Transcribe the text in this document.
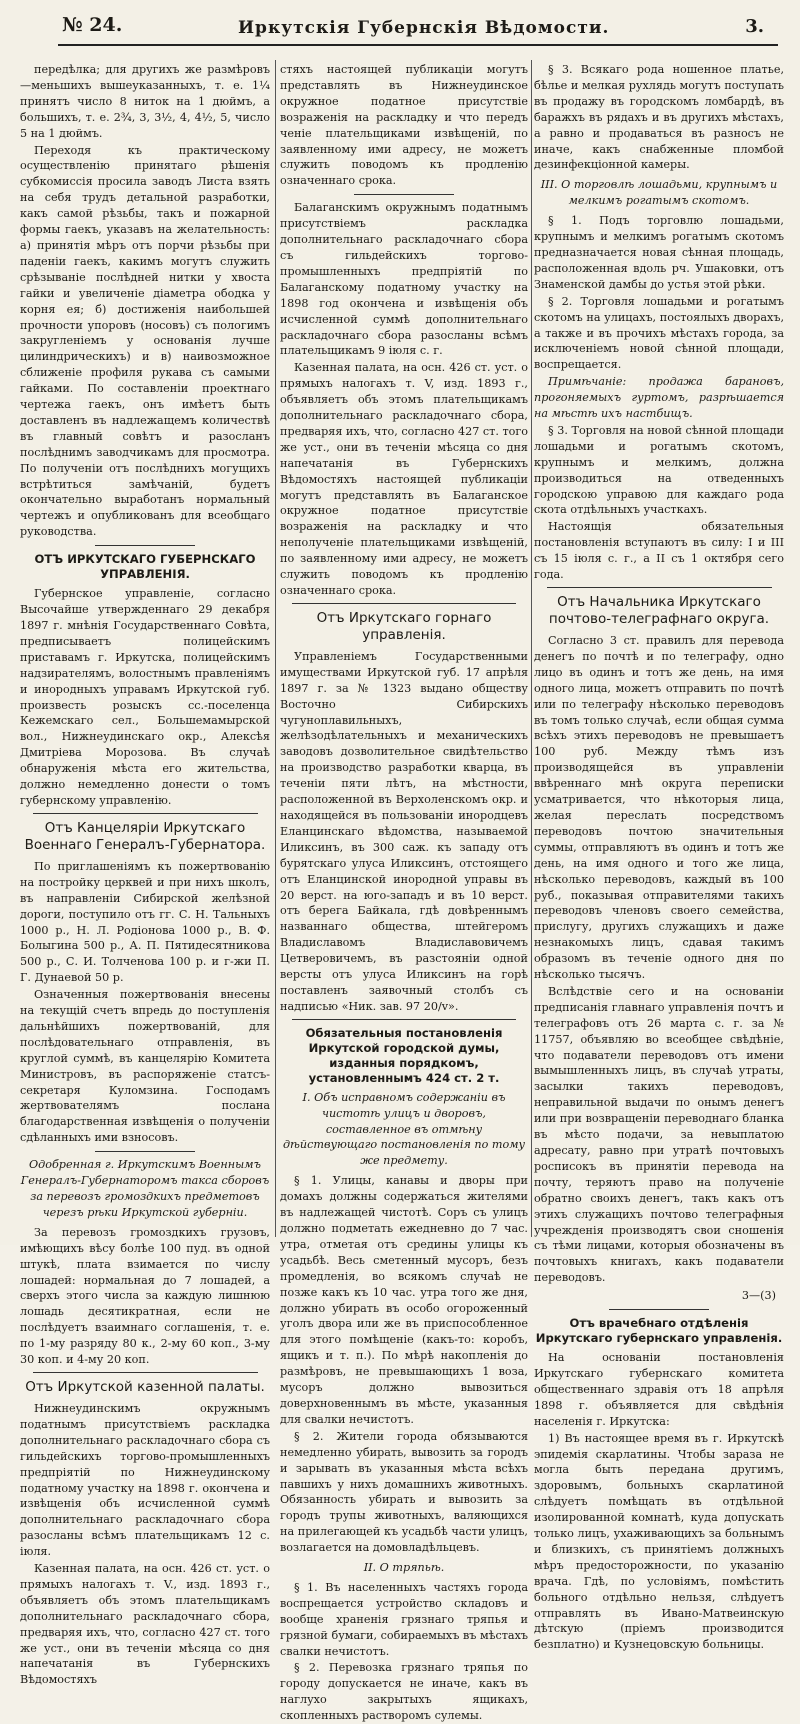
№ 24.	Иркутскія Губернскія Вѣдомости.	3.

передѣлка; для другихъ же размѣровъ—меньшихъ вышеуказанныхъ, т. е. 1¼ принятъ число 8 ниток на 1 дюймъ, а большихъ, т. е. 2¾, 3, 3½, 4, 4½, 5, число 5 на 1 дюймъ.

Переходя къ практическому осуществленію принятаго рѣшенія субкомиссія просила заводъ Листа взять на себя трудъ детальной разработки, какъ самой рѣзьбы, такъ и пожарной формы гаекъ, указавъ на желательность: а) принятія мѣръ отъ порчи рѣзьбы при паденіи гаекъ, какимъ могутъ служить срѣзываніе послѣдней нитки у хвоста гайки и увеличеніе діаметра ободка у корня ея; б) достиженія наибольшей прочности упоровъ (носовъ) съ пологимъ закругленіемъ у основанія лучше цилиндрическихъ) и в) наивозможное сближеніе профиля рукава съ самыми гайками. По составленіи проектнаго чертежа гаекъ, онъ имѣетъ быть доставленъ въ надлежащемъ количествѣ въ главный совѣтъ и разосланъ послѣднимъ заводчикамъ для просмотра. По полученіи отъ послѣднихъ могущихъ встрѣтиться замѣчаній, будетъ окончательно выработанъ нормальный чертежъ и опубликованъ для всеобщаго руководства.

ОТЪ ИРКУТСКАГО ГУБЕРНСКАГО УПРАВЛЕНІЯ.

Губернское управленіе, согласно Высочайше утвержденнаго 29 декабря 1897 г. мнѣнія Государственнаго Совѣта, предписываетъ полицейскимъ приставамъ г. Иркутска, полицейскимъ надзирателямъ, волостнымъ правленіямъ и инородныхъ управамъ Иркутской губ. произвесть розыскъ сс.-поселенца Кежемскаго сел., Большемамырской вол., Нижнеудинскаго окр., Алексѣя Дмитріева Морозова. Въ случаѣ обнаруженія мѣста его жительства, должно немедленно донести о томъ губернскому управленію.

Отъ Канцеляріи Иркутскаго Военнаго Генералъ-Губернатора.

По приглашеніямъ къ пожертвованію на постройку церквей и при нихъ школъ, въ направленіи Сибирской желѣзной дороги, поступило отъ гг. С. Н. Тальныхъ 1000 р., Н. Л. Родіонова 1000 р., В. Ф. Болыгина 500 р., А. П. Пятидесятникова 500 р., С. И. Толченова 100 р. и г-жи П. Г. Дунаевой 50 р.

Означенныя пожертвованія внесены на текущій счетъ впредь до поступленія дальнѣйшихъ пожертвованій, для послѣдовательнаго отправленія, въ круглой суммѣ, въ канцелярію Комитета Министровъ, въ распоряженіе статсъ-секретаря Куломзина. Господамъ жертвователямъ послана благодарственная извѣщенія о полученіи сдѣланныхъ ими взносовъ.

Одобренная г. Иркутскимъ Военнымъ Генералъ-Губернаторомъ такса сборовъ за перевозъ громоздкихъ предметовъ черезъ рѣки Иркутской губерніи.

За перевозъ громоздкихъ грузовъ, имѣющихъ вѣсу болѣе 100 пуд. въ одной штукѣ, плата взимается по числу лошадей: нормальная до 7 лошадей, а сверхъ этого числа за каждую лишнюю лошадь десятикратная, если не послѣдуетъ взаимнаго соглашенія, т. е. по 1-му разряду 80 к., 2-му 60 коп., 3-му 30 коп. и 4-му 20 коп.

Отъ Иркутской казенной палаты.

Нижнеудинскимъ окружнымъ податнымъ присутствіемъ раскладка дополнительнаго раскладочнаго сбора съ гильдейскихъ торгово-промышленныхъ предпріятій по Нижнеудинскому податному участку на 1898 г. окончена и извѣщенія объ исчисленной суммѣ дополнительнаго раскладочнаго сбора разосланы всѣмъ плательщикамъ 12 с. іюля.

Казенная палата, на осн. 426 ст. уст. о прямыхъ налогахъ т. V., изд. 1893 г., объявляетъ объ этомъ плательщикамъ дополнительнаго раскладочнаго сбора, предваряя ихъ, что, согласно 427 ст. того же уст., они въ теченіи мѣсяца со дня напечатанія въ Губернскихъ Вѣдомостяхъ

стяхъ настоящей публикаціи могутъ представлять въ Нижнеудинское окружное податное присутствіе возраженія на раскладку и что передъ ченіе плательщиками извѣщеній, по заявленному ими адресу, не можетъ служить поводомъ къ продленію означеннаго срока.

Балаганскимъ окружнымъ податнымъ присутствіемъ раскладка дополнительнаго раскладочнаго сбора съ гильдейскихъ торгово-промышленныхъ предпріятій по Балаганскому податному участку на 1898 год окончена и извѣщенія объ исчисленной суммѣ дополнительнаго раскладочнаго сбора разосланы всѣмъ плательщикамъ 9 іюля с. г.

Казенная палата, на осн. 426 ст. уст. о прямыхъ налогахъ т. V, изд. 1893 г., объявляетъ объ этомъ плательщикамъ дополнительнаго раскладочнаго сбора, предваряя ихъ, что, согласно 427 ст. того же уст., они въ теченіи мѣсяца со дня напечатанія въ Губернскихъ Вѣдомостяхъ настоящей публикаціи могутъ представлять въ Балаганское окружное податное присутствіе возраженія на раскладку и что неполученіе плательщиками извѣщеній, по заявленному ими адресу, не можетъ служить поводомъ къ продленію означеннаго срока.

Отъ Иркутскаго горнаго управленія.

Управленіемъ Государственными имуществами Иркутской губ. 17 апрѣля 1897 г. за № 1323 выдано обществу Восточно Сибирскихъ чугуноплавильныхъ, желѣзодѣлательныхъ и механическихъ заводовъ дозволительное свидѣтельство на производство разработки кварца, въ теченіи пяти лѣтъ, на мѣстности, расположенной въ Верхоленскомъ окр. и находящейся въ пользованіи инородцевъ Еланцинскаго вѣдомства, называемой Иликсинъ, въ 300 саж. къ западу отъ бурятскаго улуса Иликсинъ, отстоящего отъ Еланцинской инородной управы въ 20 верст. на юго-западъ и въ 10 верст. отъ берега Байкала, гдѣ довѣреннымъ названнаго общества, штейгеромъ Владиславомъ Владиславовичемъ Цетверовичемъ, въ разстояніи одной версты отъ улуса Иликсинъ на горѣ поставленъ заявочный столбъ съ надписью «Ник. зав. 97 20/v».

Обязательныя постановленія Иркутской городской думы, изданныя порядкомъ, установленнымъ 424 ст. 2 т.

I. Объ исправномъ содержаніи въ чистотѣ улицъ и дворовъ, составленное въ отмѣну дѣйствующаго постановленія по тому же предмету.

§ 1. Улицы, канавы и дворы при домахъ должны содержаться жителями въ надлежащей чистотѣ. Соръ съ улицъ должно подметать ежедневно до 7 час. утра, отметая отъ средины улицы къ усадьбѣ. Весь сметенный мусоръ, безъ промедленія, во всякомъ случаѣ не позже какъ къ 10 час. утра того же дня, должно убирать въ особо огороженный уголъ двора или же въ приспособленное для этого помѣщеніе (какъ-то: коробъ, ящикъ и т. п.). По мѣрѣ накопленія до размѣровъ, не превышающихъ 1 воза, мусоръ должно вывозиться доверхновеннымъ въ мѣсте, указанныя для свалки нечистотъ.

§ 2. Жители города обязываются немедленно убирать, вывозить за городъ и зарывать въ указанныя мѣста всѣхъ павшихъ у нихъ домашнихъ животныхъ. Обязанность убирать и вывозить за городъ трупы животныхъ, валяющихся на прилегающей къ усадьбѣ части улицъ, возлагается на домовладѣльцевъ.

II. О тряпьѣ.

§ 1. Въ населенныхъ частяхъ города воспрещается устройство складовъ и вообще храненія грязнаго тряпья и грязной бумаги, собираемыхъ въ мѣстахъ свалки нечистотъ.

§ 2. Перевозка грязнаго тряпья по городу допускается не иначе, какъ въ наглухо закрытыхъ ящикахъ, скопленныхъ растворомъ сулемы.

§ 3. Всякаго рода ношенное платье, бѣлье и мелкая рухлядь могутъ поступать въ продажу въ городскомъ ломбардѣ, въ баражхъ въ рядахъ и въ другихъ мѣстахъ, а равно и продаваться въ разносъ не иначе, какъ снабженные пломбой дезинфекціонной камеры.

III. О торговлѣ лошадьми, крупнымъ и мелкимъ рогатымъ скотомъ.

§ 1. Подъ торговлю лошадьми, крупнымъ и мелкимъ рогатымъ скотомъ предназначается новая сѣнная площадь, расположенная вдоль рч. Ушаковки, отъ Знаменской дамбы до устья этой рѣки.

§ 2. Торговля лошадьми и рогатымъ скотомъ на улицахъ, постоялыхъ дворахъ, а также и въ прочихъ мѣстахъ города, за исключеніемъ новой сѣнной площади, воспрещается.

Примѣчаніе: продажа барановъ, прогоняемыхъ гуртомъ, разрѣшается на мѣстѣ ихъ настбищъ.

§ 3. Торговля на новой сѣнной площади лошадьми и рогатымъ скотомъ, крупнымъ и мелкимъ, должна производиться на отведенныхъ городскою управою для каждаго рода скота отдѣльныхъ участкахъ.

Настоящія обязательныя постановленія вступаютъ въ силу: I и III съ 15 іюля с. г., а II съ 1 октября сего года.

Отъ Начальника Иркутскаго почтово-телеграфнаго округа.

Согласно 3 ст. правилъ для перевода денегъ по почтѣ и по телеграфу, одно лицо въ одинъ и тотъ же день, на имя одного лица, можетъ отправить по почтѣ или по телеграфу нѣсколько переводовъ въ томъ только случаѣ, если общая сумма всѣхъ этихъ переводовъ не превышаетъ 100 руб. Между тѣмъ изъ производящейся въ управленіи ввѣреннаго мнѣ округа переписки усматривается, что нѣкоторыя лица, желая переслать посредствомъ переводовъ почтою значительныя суммы, отправляютъ въ одинъ и тотъ же день, на имя одного и того же лица, нѣсколько переводовъ, каждый въ 100 руб., показывая отправителями такихъ переводовъ членовъ своего семейства, прислугу, другихъ служащихъ и даже незнакомыхъ лицъ, сдавая такимъ образомъ въ теченіе одного дня по нѣсколько тысячъ.

Вслѣдствіе сего и на основаніи предписанія главнаго управленія почтъ и телеграфовъ отъ 26 марта с. г. за № 11757, объявляю во всеобщее свѣдѣніе, что подаватели переводовъ отъ имени вымышленныхъ лицъ, въ случаѣ утраты, засылки такихъ переводовъ, неправильной выдачи по онымъ денегъ или при возвращеніи переводнаго бланка въ мѣсто подачи, за невыплатою адресату, равно при утратѣ почтовыхъ росписокъ въ принятіи перевода на почту, теряютъ право на полученіе обратно своихъ денегъ, такъ какъ отъ этихъ служащихъ почтово телеграфныя учрежденія производятъ свои сношенія съ тѣми лицами, которыя обозначены въ почтовыхъ книгахъ, какъ подаватели переводовъ.

3—(3)

Отъ врачебнаго отдѣленія Иркутскаго губернскаго управленія.

На основаніи постановленія Иркутскаго губернскаго комитета общественнаго здравія отъ 18 апрѣля 1898 г. объявляется для свѣдѣнія населенія г. Иркутска:

1) Въ настоящее время въ г. Иркутскѣ эпидемія скарлатины. Чтобы зараза не могла быть передана другимъ, здоровымъ, больныхъ скарлатиной слѣдуетъ помѣщать въ отдѣльной изолированной комнатѣ, куда допускать только лицъ, ухаживающихъ за больнымъ и близкихъ, съ принятіемъ должныхъ мѣръ предосторожности, по указанію врача. Гдѣ, по условіямъ, помѣстить больного отдѣльно нельзя, слѣдуетъ отправлять въ Ивано-Матвеинскую дѣтскую (пріемъ производится безплатно) и Кузнецовскую больницы.
